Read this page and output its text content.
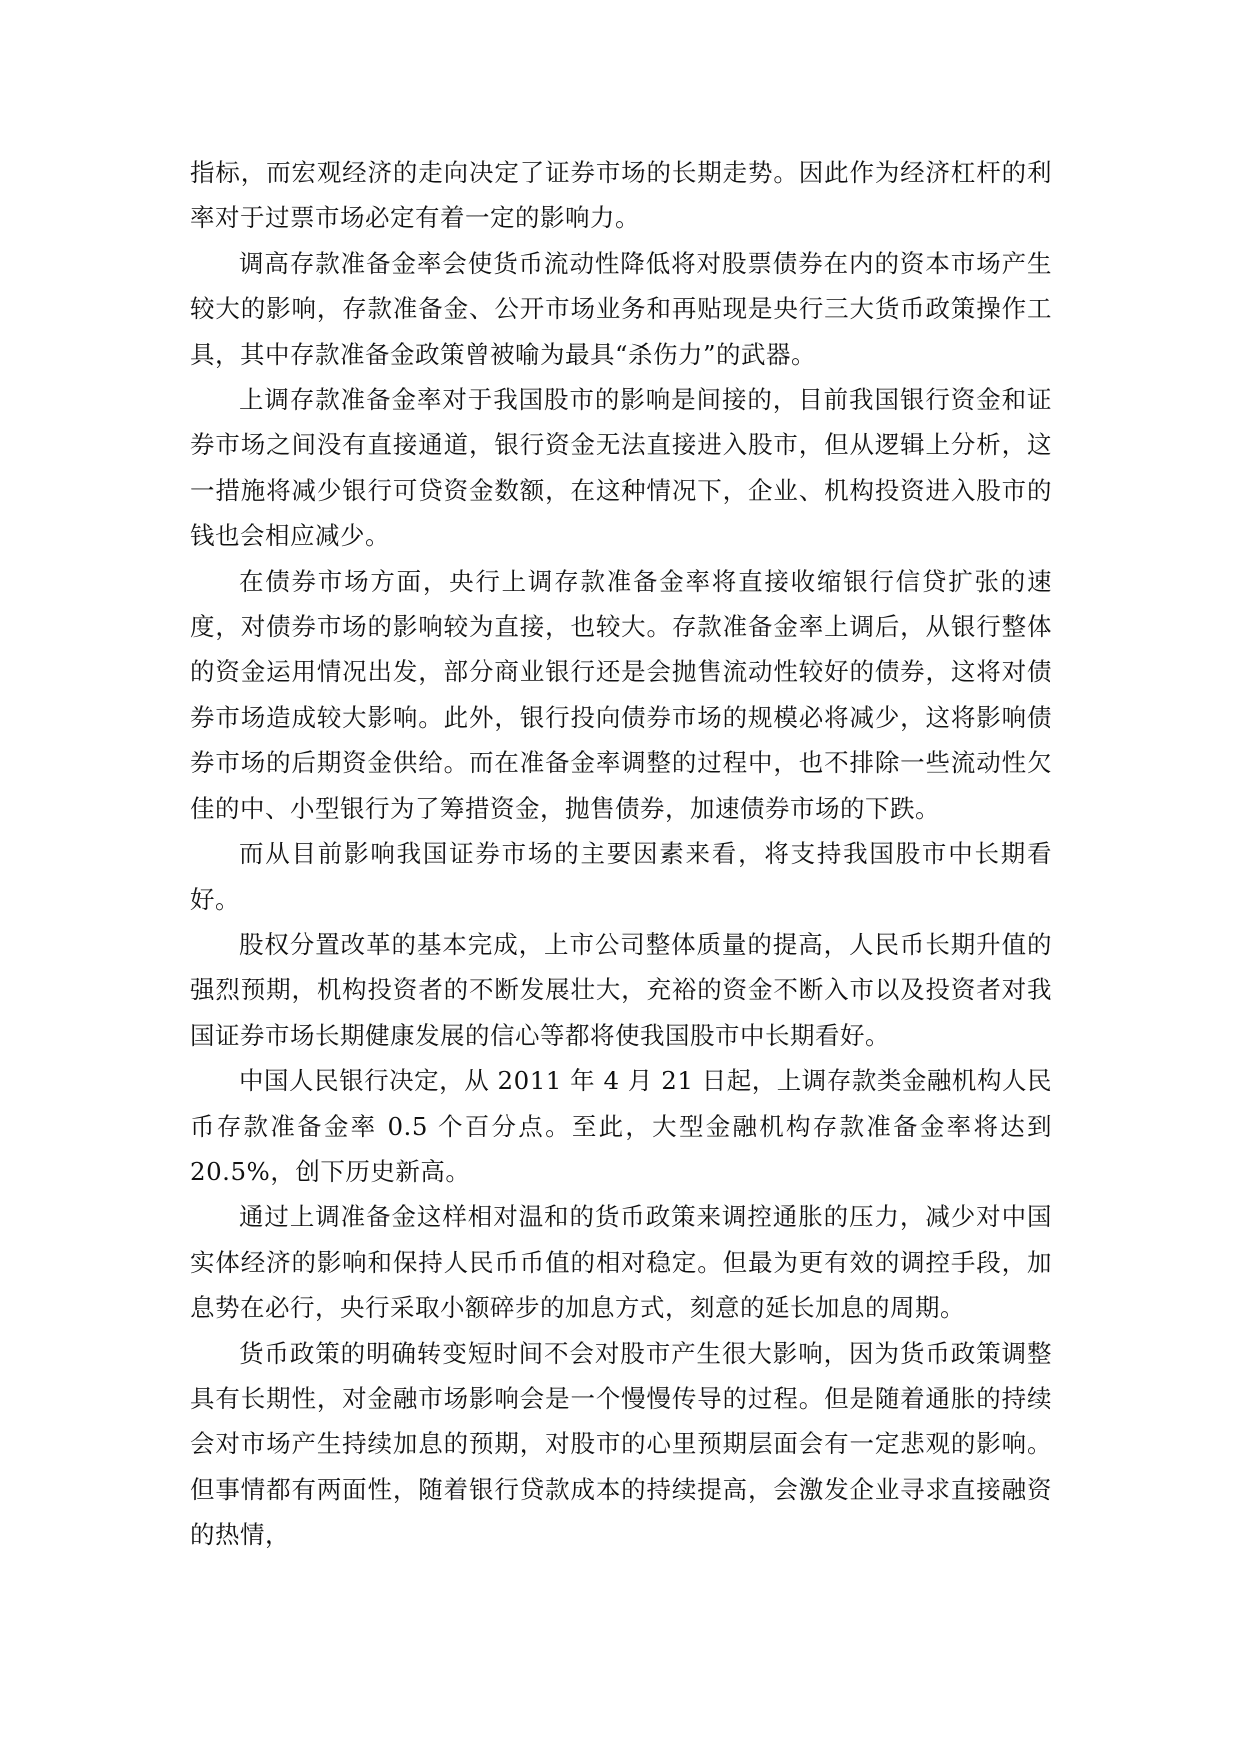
指标，而宏观经济的走向决定了证券市场的长期走势。因此作为经济杠杆的利率对于过票市场必定有着一定的影响力。

调高存款准备金率会使货币流动性降低将对股票债券在内的资本市场产生较大的影响，存款准备金、公开市场业务和再贴现是央行三大货币政策操作工具，其中存款准备金政策曾被喻为最具“杀伤力”的武器。

上调存款准备金率对于我国股市的影响是间接的，目前我国银行资金和证券市场之间没有直接通道，银行资金无法直接进入股市，但从逻辑上分析，这一措施将减少银行可贷资金数额，在这种情况下，企业、机构投资进入股市的钱也会相应减少。

在债券市场方面，央行上调存款准备金率将直接收缩银行信贷扩张的速度，对债券市场的影响较为直接，也较大。存款准备金率上调后，从银行整体的资金运用情况出发，部分商业银行还是会抛售流动性较好的债券，这将对债券市场造成较大影响。此外，银行投向债券市场的规模必将减少，这将影响债券市场的后期资金供给。而在准备金率调整的过程中，也不排除一些流动性欠佳的中、小型银行为了筹措资金，抛售债券，加速债券市场的下跌。

而从目前影响我国证券市场的主要因素来看，将支持我国股市中长期看好。

股权分置改革的基本完成，上市公司整体质量的提高，人民币长期升值的强烈预期，机构投资者的不断发展壮大，充裕的资金不断入市以及投资者对我国证券市场长期健康发展的信心等都将使我国股市中长期看好。

中国人民银行决定，从 2011 年 4 月 21 日起，上调存款类金融机构人民币存款准备金率 0.5 个百分点。至此，大型金融机构存款准备金率将达到 20.5%，创下历史新高。

通过上调准备金这样相对温和的货币政策来调控通胀的压力，减少对中国实体经济的影响和保持人民币币值的相对稳定。但最为更有效的调控手段，加息势在必行，央行采取小额碎步的加息方式，刻意的延长加息的周期。

货币政策的明确转变短时间不会对股市产生很大影响，因为货币政策调整具有长期性，对金融市场影响会是一个慢慢传导的过程。但是随着通胀的持续会对市场产生持续加息的预期，对股市的心里预期层面会有一定悲观的影响。但事情都有两面性，随着银行贷款成本的持续提高，会激发企业寻求直接融资的热情，
